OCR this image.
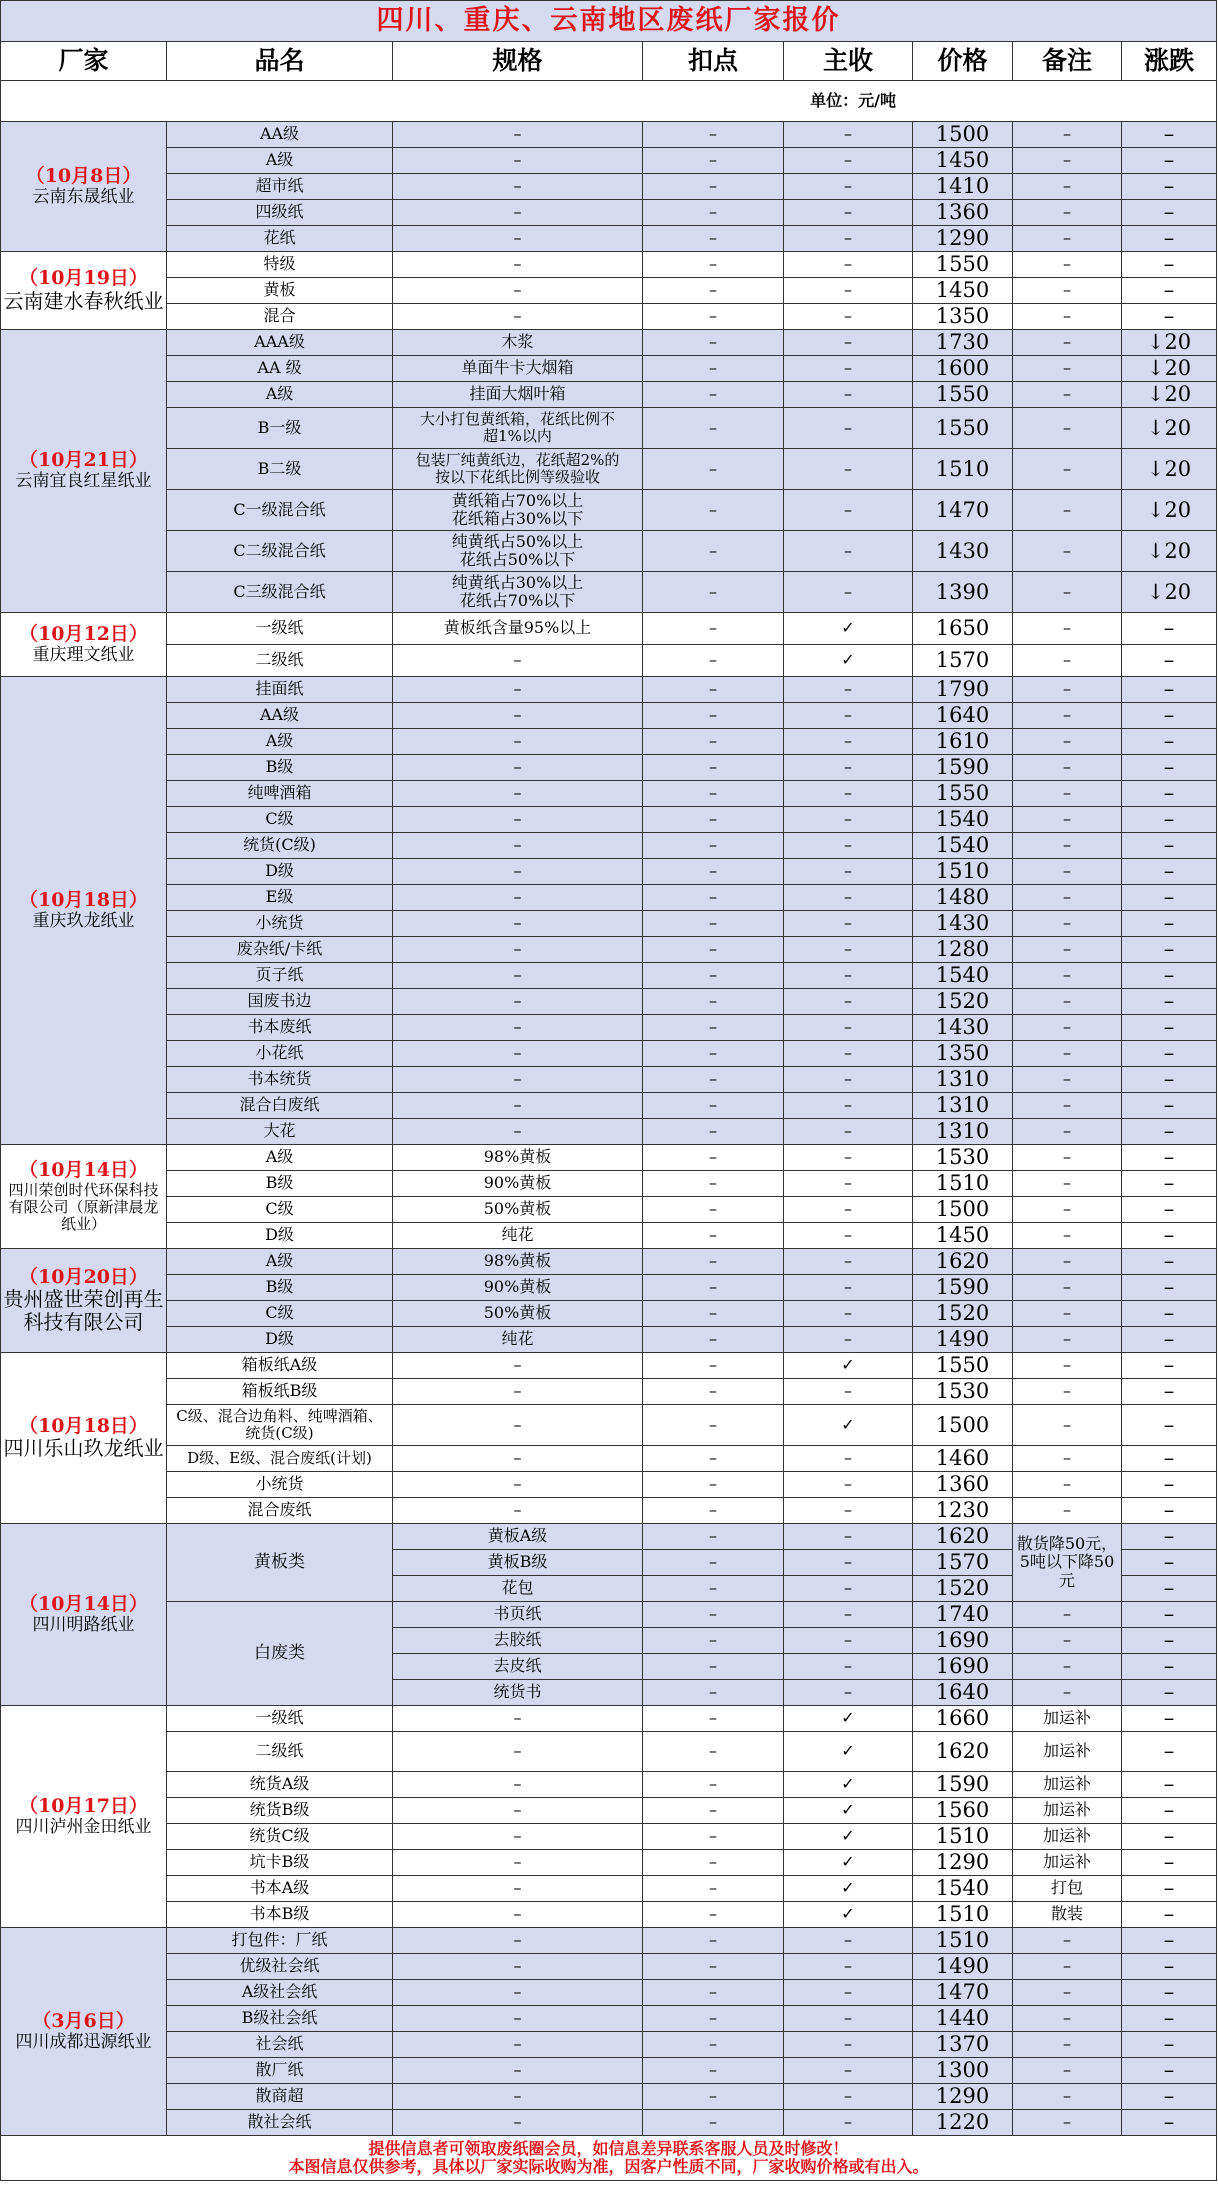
四川、重庆、云南地区废纸厂家报价							
厂家	品名	规格	扣点	主收	价格	备注	涨跌
单位：元/吨							

（10月8日）
云南东晟纸业	AA级	–	–	–	1500	–	–
	A级	–	–	–	1450	–	–
	超市纸	–	–	–	1410	–	–
	四级纸	–	–	–	1360	–	–
	花纸	–	–	–	1290	–	–

（10月19日）
云南建水春秋纸业	特级	–	–	–	1550	–	–
	黄板	–	–	–	1450	–	–
	混合	–	–	–	1350	–	–

（10月21日）
云南宜良红星纸业	AAA级	木浆	–	–	1730	–	↓20
	AA 级	单面牛卡大烟箱	–	–	1600	–	↓20
	A级	挂面大烟叶箱	–	–	1550	–	↓20
	B一级	大小打包黄纸箱，花纸比例不超1%以内	–	–	1550	–	↓20
	B二级	包装厂纯黄纸边，花纸超2%的按以下花纸比例等级验收	–	–	1510	–	↓20
	C一级混合纸	黄纸箱占70%以上
花纸箱占30%以下	–	–	1470	–	↓20
	C二级混合纸	纯黄纸占50%以上
花纸占50%以下	–	–	1430	–	↓20
	C三级混合纸	纯黄纸占30%以上
花纸占70%以下	–	–	1390	–	↓20

（10月12日）
重庆理文纸业	一级纸	黄板纸含量95%以上	–	✓	1650	–	–
	二级纸	–	–	✓	1570	–	–

（10月18日）
重庆玖龙纸业	挂面纸	–	–	–	1790	–	–
	AA级	–	–	–	1640	–	–
	A级	–	–	–	1610	–	–
	B级	–	–	–	1590	–	–
	纯啤酒箱	–	–	–	1550	–	–
	C级	–	–	–	1540	–	–
	统货(C级)	–	–	–	1540	–	–
	D级	–	–	–	1510	–	–
	E级	–	–	–	1480	–	–
	小统货	–	–	–	1430	–	–
	废杂纸/卡纸	–	–	–	1280	–	–
	页子纸	–	–	–	1540	–	–
	国废书边	–	–	–	1520	–	–
	书本废纸	–	–	–	1430	–	–
	小花纸	–	–	–	1350	–	–
	书本统货	–	–	–	1310	–	–
	混合白废纸	–	–	–	1310	–	–
	大花	–	–	–	1310	–	–

（10月14日）
四川荣创时代环保科技有限公司（原新津晨龙纸业）	A级	98%黄板	–	–	1530	–	–
	B级	90%黄板	–	–	1510	–	–
	C级	50%黄板	–	–	1500	–	–
	D级	纯花	–	–	1450	–	–

（10月20日）
贵州盛世荣创再生科技有限公司	A级	98%黄板	–	–	1620	–	–
	B级	90%黄板	–	–	1590	–	–
	C级	50%黄板	–	–	1520	–	–
	D级	纯花	–	–	1490	–	–

（10月18日）
四川乐山玖龙纸业	箱板纸A级	–	–	✓	1550	–	–
	箱板纸B级	–	–	–	1530	–	–
	C级、混合边角料、纯啤酒箱、统货(C级)	–	–	✓	1500	–	–
	D级、E级、混合废纸(计划)	–	–	–	1460	–	–
	小统货	–	–	–	1360	–	–
	混合废纸	–	–	–	1230	–	–

（10月14日）
四川明路纸业	黄板类	黄板A级	–	–	1620	散货降50元，5吨以下降50元	–
		黄板B级	–	–	1570		–
		花包	–	–	1520		–
	白废类	书页纸	–	–	1740	–	–
		去胶纸	–	–	1690	–	–
		去皮纸	–	–	1690	–	–
		统货书	–	–	1640	–	–

（10月17日）
四川泸州金田纸业	一级纸	–	–	✓	1660	加运补	–
	二级纸	–	–	✓	1620	加运补	–
	统货A级	–	–	✓	1590	加运补	–
	统货B级	–	–	✓	1560	加运补	–
	统货C级	–	–	✓	1510	加运补	–
	坑卡B级	–	–	✓	1290	加运补	–
	书本A级	–	–	✓	1540	打包	–
	书本B级	–	–	✓	1510	散装	–

（3月6日）
四川成都迅源纸业	打包件：厂纸	–	–	–	1510	–	–
	优级社会纸	–	–	–	1490	–	–
	A级社会纸	–	–	–	1470	–	–
	B级社会纸	–	–	–	1440	–	–
	社会纸	–	–	–	1370	–	–
	散厂纸	–	–	–	1300	–	–
	散商超	–	–	–	1290	–	–
	散社会纸	–	–	–	1220	–	–

提供信息者可领取废纸圈会员，如信息差异联系客服人员及时修改！
本图信息仅供参考，具体以厂家实际收购为准，因客户性质不同，厂家收购价格或有出入。							
